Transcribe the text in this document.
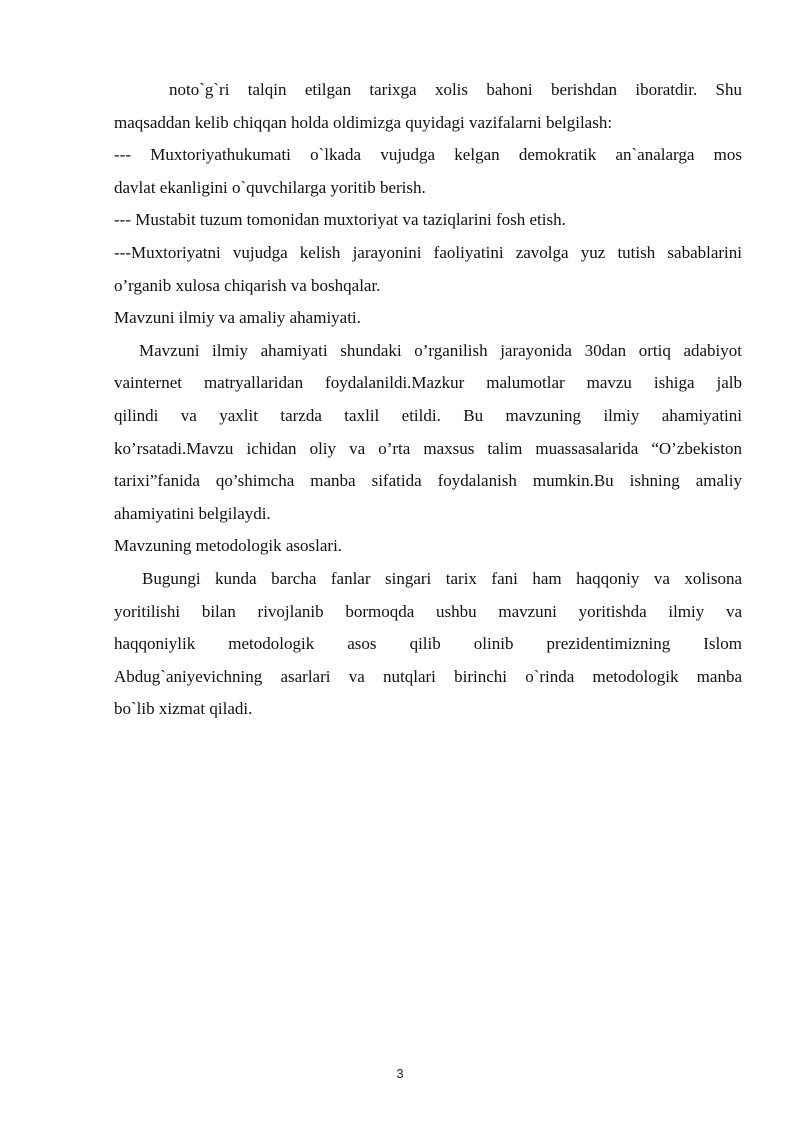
noto`g`ri talqin etilgan tarixga xolis bahoni berishdan iboratdir. Shu
maqsaddan kelib chiqqan holda oldimizga quyidagi vazifalarni belgilash:
--- Muxtoriyathukumati o`lkada vujudga kelgan demokratik an`analarga mos
davlat ekanligini o`quvchilarga yoritib berish.
--- Mustabit tuzum tomonidan muxtoriyat va taziqlarini fosh etish.
---Muxtoriyatni vujudga kelish jarayonini faoliyatini zavolga yuz tutish sabablarini
o’rganib xulosa chiqarish va boshqalar.
Mavzuni ilmiy va amaliy ahamiyati.
Mavzuni ilmiy ahamiyati shundaki o’rganilish jarayonida 30dan ortiq adabiyot
vainternet matryallaridan foydalanildi.Mazkur malumotlar mavzu ishiga jalb
qilindi va yaxlit tarzda taxlil etildi. Bu mavzuning ilmiy ahamiyatini
ko’rsatadi.Mavzu ichidan oliy va o’rta maxsus talim muassasalarida “O’zbekiston
tarixi”fanida qo’shimcha manba sifatida foydalanish mumkin.Bu ishning amaliy
ahamiyatini belgilaydi.
Mavzuning metodologik asoslari.
Bugungi kunda barcha fanlar singari tarix fani ham haqqoniy va xolisona
yoritilishi bilan rivojlanib bormoqda ushbu mavzuni yoritishda ilmiy va
haqqoniylik metodologik asos qilib olinib prezidentimizning Islom
Abdug`aniyevichning asarlari va nutqlari birinchi o`rinda metodologik manba
bo`lib xizmat qiladi.
3
